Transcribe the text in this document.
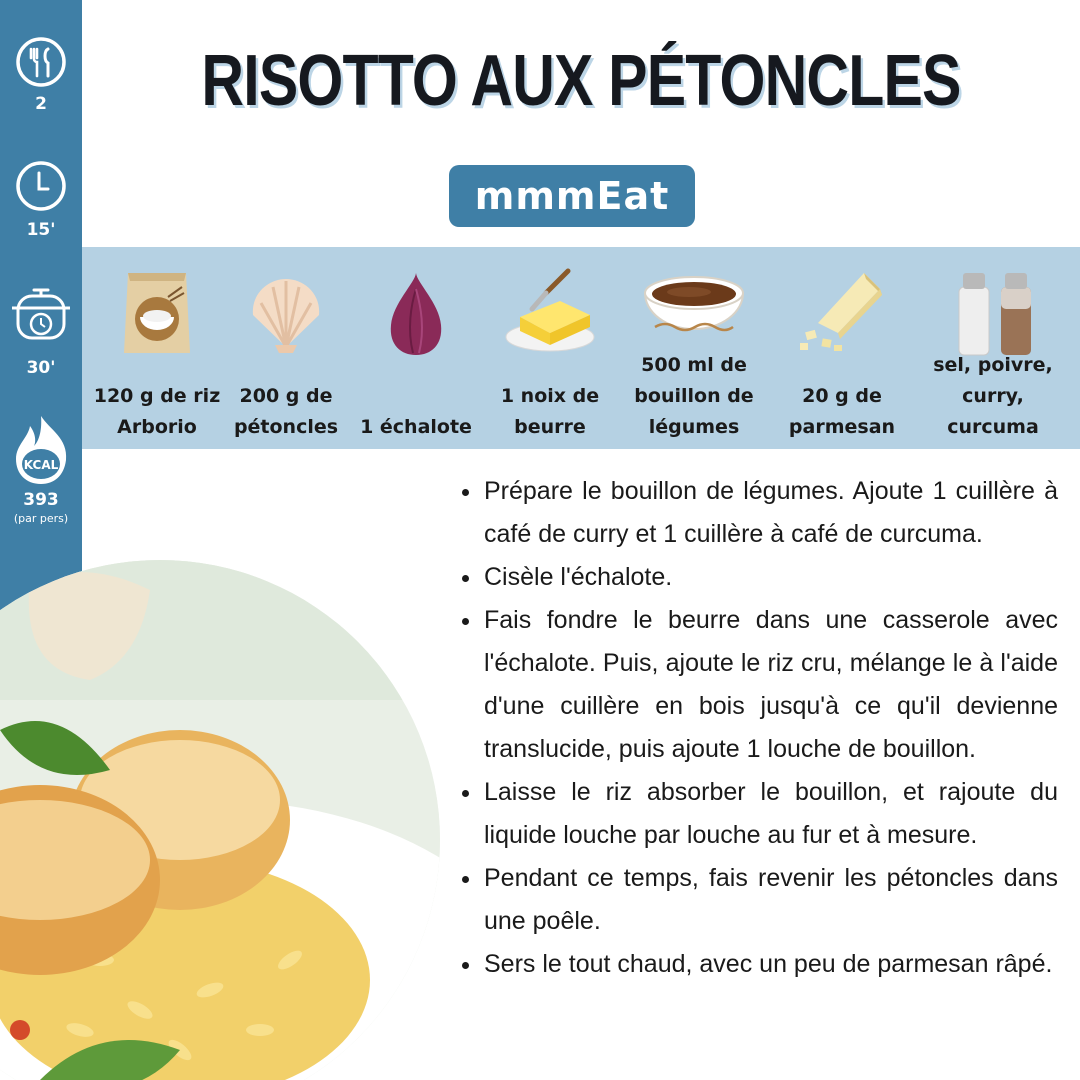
2
15'
30'
KCAL
393
(par pers)
RISOTTO AUX PÉTONCLES
mmmEat
120 g de riz
Arborio
200 g de
pétoncles 1 échalote
1 noix de
beurre
500 ml de
bouillon de
légumes
20 g de
parmesan
sel, poivre,
curry,
curcuma
Prépare le bouillon de légumes. Ajoute 1 cuillère à café de curry et 1 cuillère à café de curcuma.
Cisèle l'échalote.
Fais fondre le beurre dans une casserole avec l'échalote. Puis, ajoute le riz cru, mélange le à l'aide d'une cuillère en bois jusqu'à ce qu'il devienne translucide, puis ajoute 1 louche de bouillon.
Laisse le riz absorber le bouillon, et rajoute du liquide louche par louche au fur et à mesure.
Pendant ce temps, fais revenir les pétoncles dans une poêle.
Sers le tout chaud, avec un peu de parmesan râpé.
